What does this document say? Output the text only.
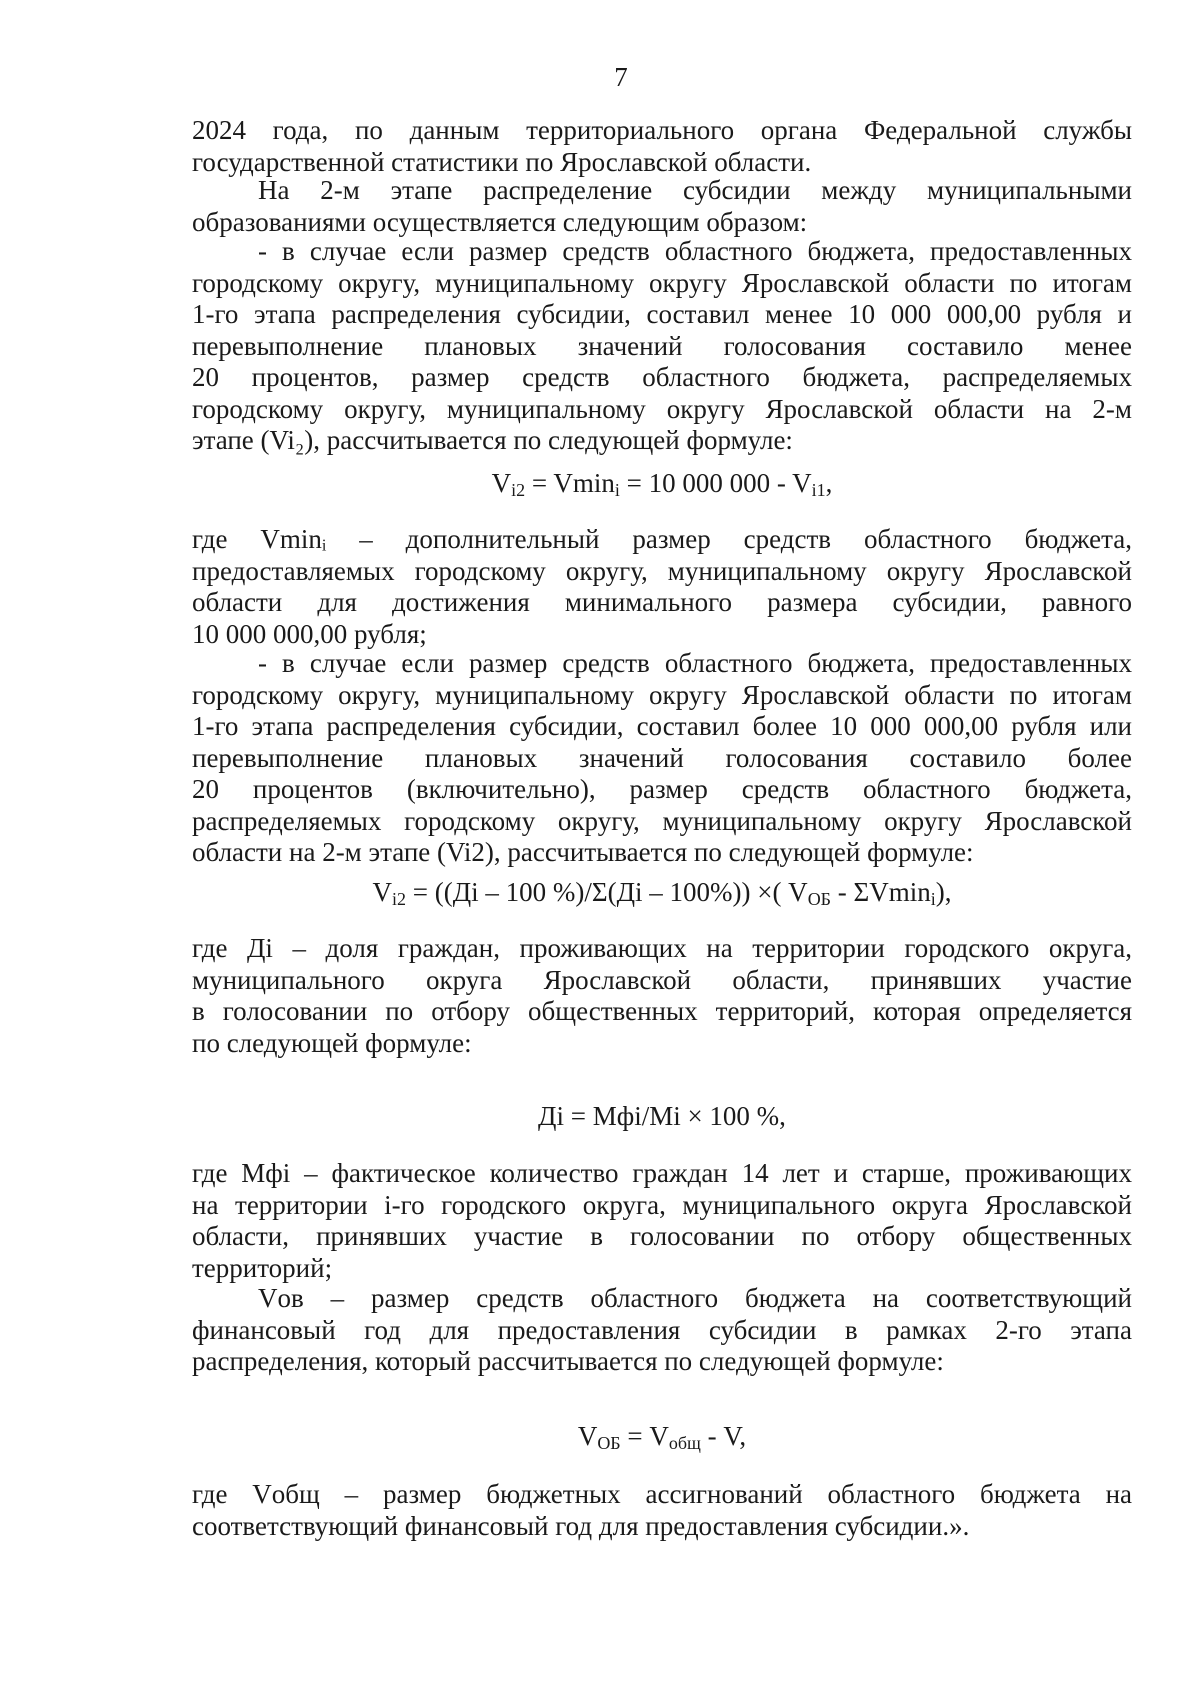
7

2024 года, по данным территориального органа Федеральной службы

государственной статистики по Ярославской области.

На 2-м этапе распределение субсидии между муниципальными

образованиями осуществляется следующим образом:

- в случае если размер средств областного бюджета, предоставленных

городскому округу, муниципальному округу Ярославской области по итогам

1-го этапа распределения субсидии, составил менее 10 000 000,00 рубля и

перевыполнение плановых значений голосования составило менее

20 процентов, размер средств областного бюджета, распределяемых

городскому округу, муниципальному округу Ярославской области на 2-м

этапе (Vi₂), рассчитывается по следующей формуле:

$V_{i2} = Vmin_i = 10$ 000 $000 - V_{i1}$,

где Vminᵢ – дополнительный размер средств областного бюджета,

предоставляемых городскому округу, муниципальному округу Ярославской

области для достижения минимального размера субсидии, равного

10 000 000,00 рубля;

- в случае если размер средств областного бюджета, предоставленных

городскому округу, муниципальному округу Ярославской области по итогам

1-го этапа распределения субсидии, составил более 10 000 000,00 рубля или

перевыполнение плановых значений голосования составило более

20 процентов (включительно), размер средств областного бюджета,

распределяемых городскому округу, муниципальному округу Ярославской

области на 2-м этапе (Vi2), рассчитывается по следующей формуле:

$V_{i2} = ((Дi - 100$ %)/Σ(Дi – 100%)) ×( $V_{ОБ} - \Sigma Vmin_i$),

где Дi – доля граждан, проживающих на территории городского округа,

муниципального округа Ярославской области, принявших участие

в голосовании по отбору общественных территорий, которая определяется

по следующей формуле:

Дi = Мфi/Мi × 100 %,

где Мфi – фактическое количество граждан 14 лет и старше, проживающих

на территории i-го городского округа, муниципального округа Ярославской

области, принявших участие в голосовании по отбору общественных

территорий;

Vᴏʙ – размер средств областного бюджета на соответствующий

финансовый год для предоставления субсидии в рамках 2-го этапа

распределения, который рассчитывается по следующей формуле:

$V_{ОБ} = V_{общ} - V$,

где Vобщ – размер бюджетных ассигнований областного бюджета на

соответствующий финансовый год для предоставления субсидии.».
